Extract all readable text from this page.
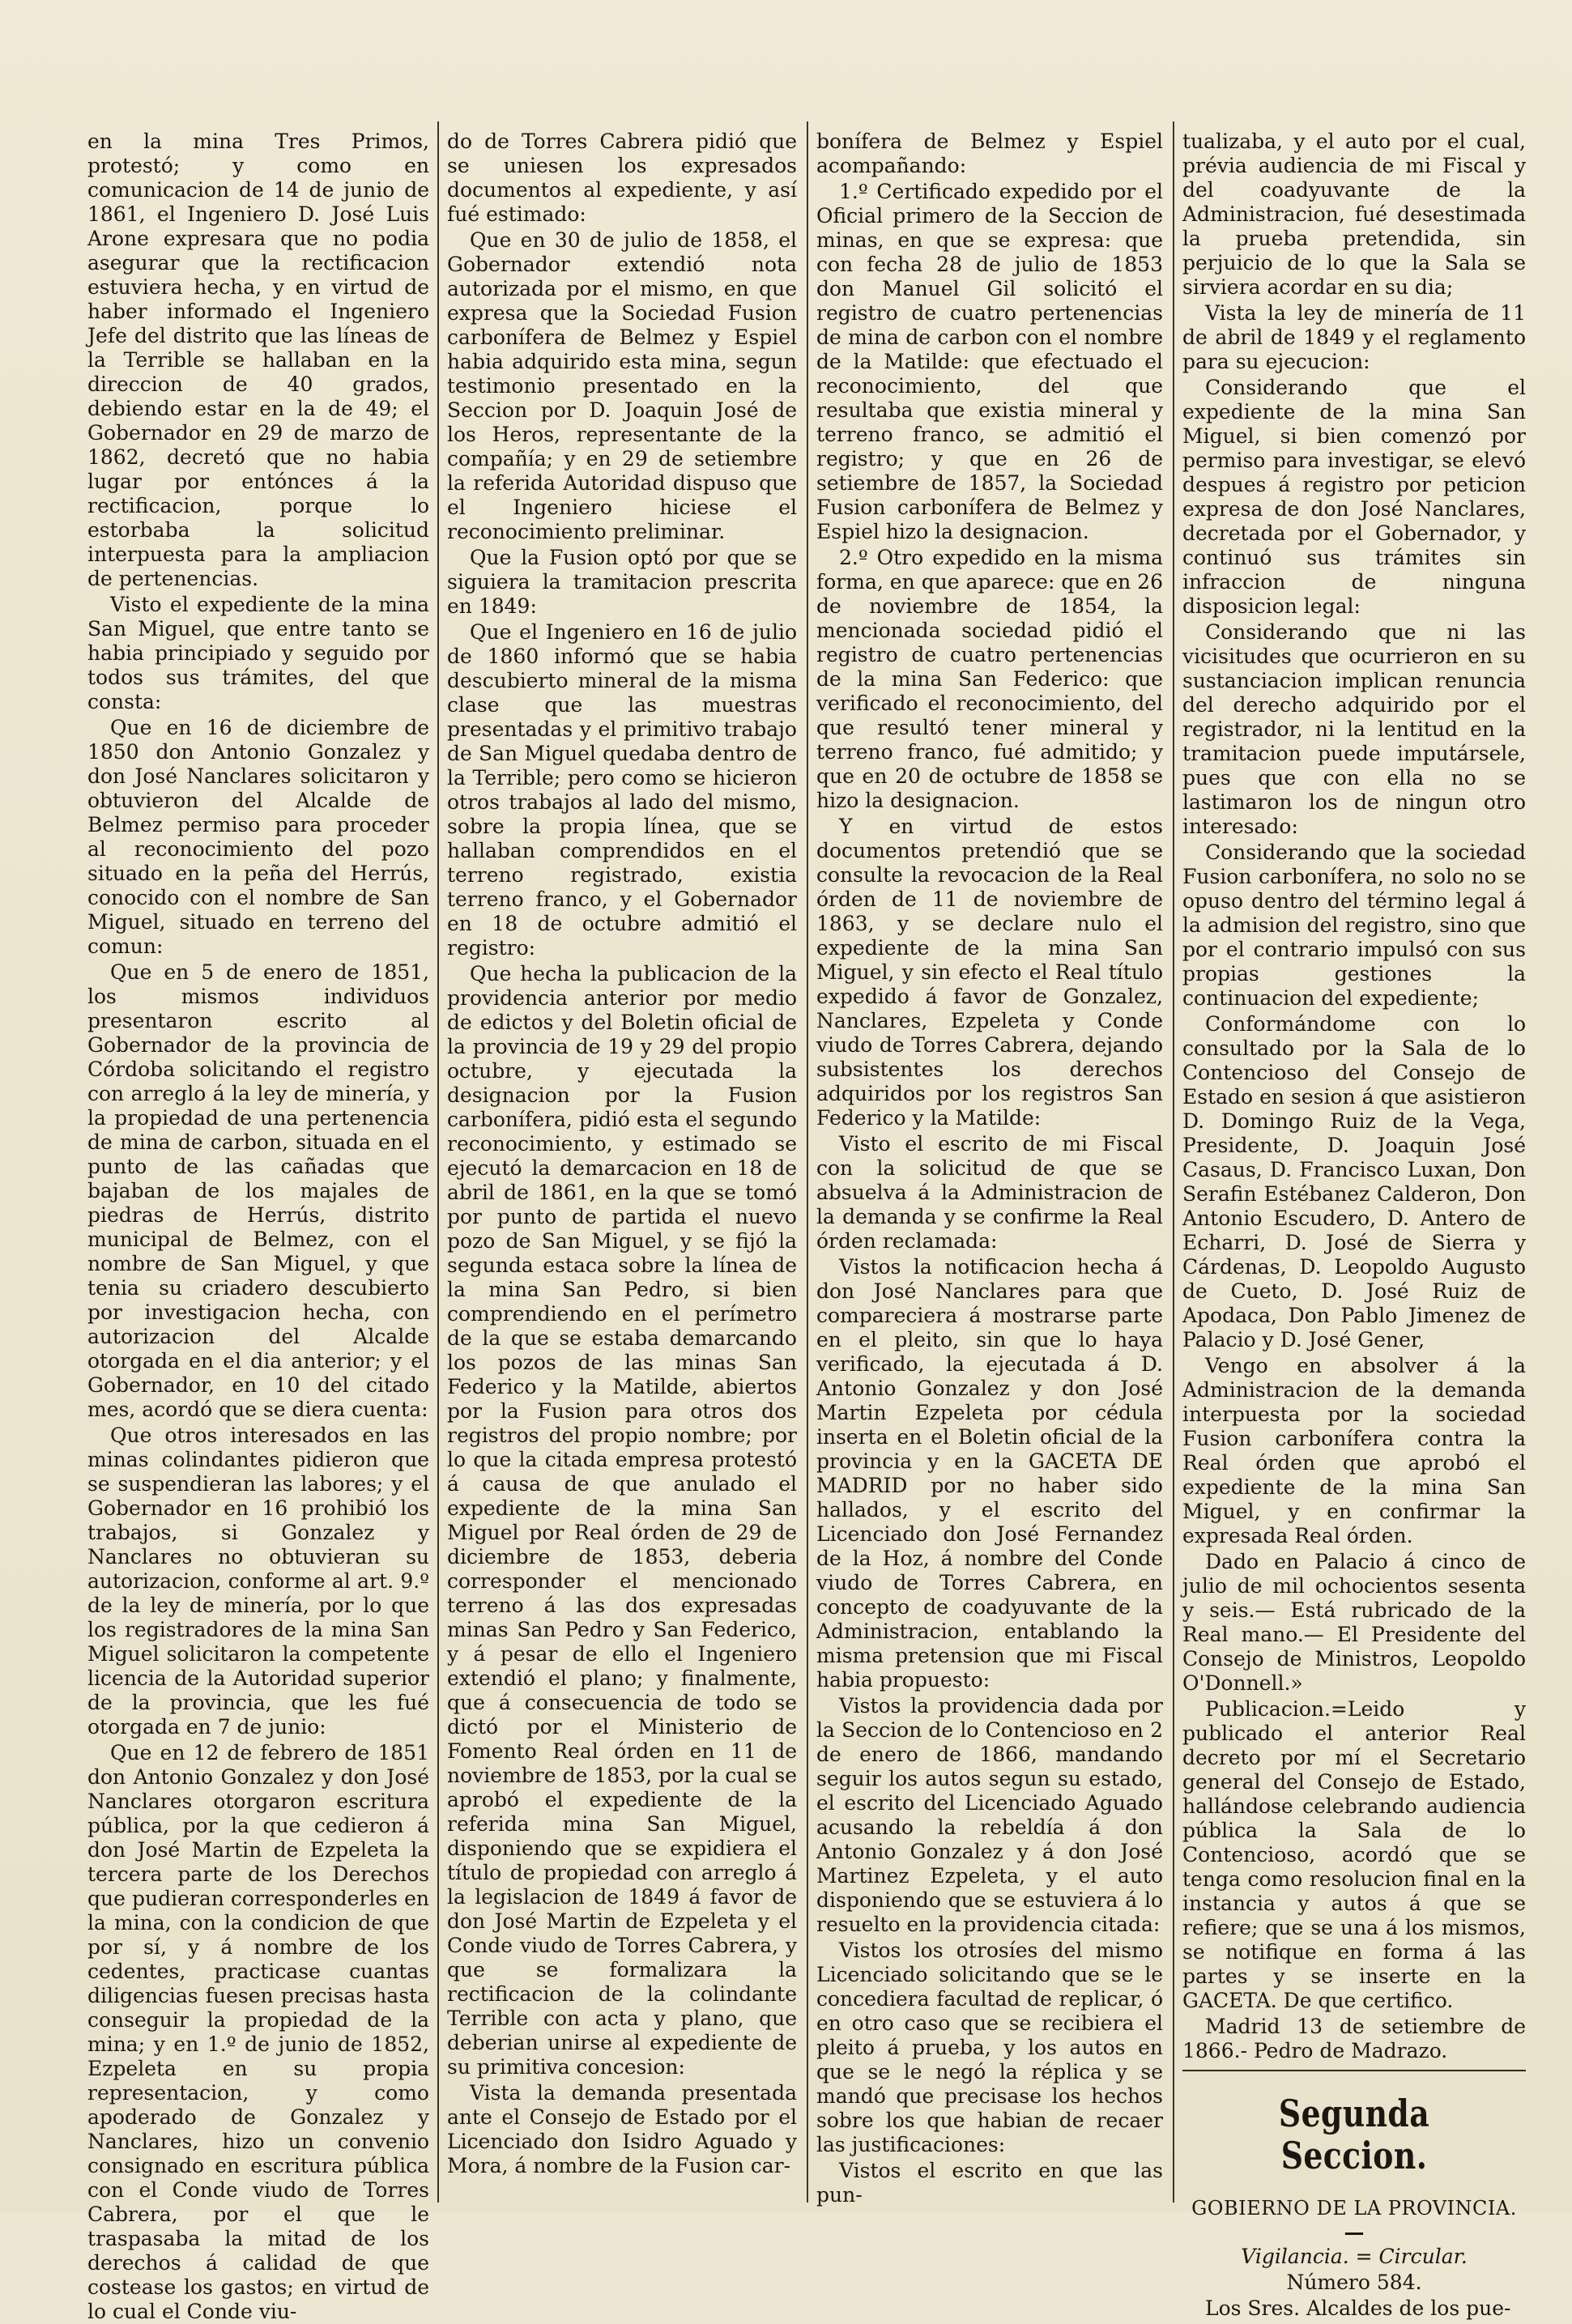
en la mina Tres Primos, protestó; y como en comunicacion de 14 de junio de 1861, el Ingeniero D. José Luis Arone expresara que no podia asegurar que la rectificacion estuviera hecha, y en virtud de haber informado el Ingeniero Jefe del distrito que las líneas de la Terrible se hallaban en la direccion de 40 grados, debiendo estar en la de 49; el Gobernador en 29 de marzo de 1862, decretó que no habia lugar por entónces á la rectificacion, porque lo estorbaba la solicitud interpuesta para la ampliacion de pertenencias.

Visto el expediente de la mina San Miguel, que entre tanto se habia principiado y seguido por todos sus trámites, del que consta:

Que en 16 de diciembre de 1850 don Antonio Gonzalez y don José Nanclares solicitaron y obtuvieron del Alcalde de Belmez permiso para proceder al reconocimiento del pozo situado en la peña del Herrús, conocido con el nombre de San Miguel, situado en terreno del comun:

Que en 5 de enero de 1851, los mismos individuos presentaron escrito al Gobernador de la provincia de Córdoba solicitando el registro con arreglo á la ley de minería, y la propiedad de una pertenencia de mina de carbon, situada en el punto de las cañadas que bajaban de los majales de piedras de Herrús, distrito municipal de Belmez, con el nombre de San Miguel, y que tenia su criadero descubierto por investigacion hecha, con autorizacion del Alcalde otorgada en el dia anterior; y el Gobernador, en 10 del citado mes, acordó que se diera cuenta:

Que otros interesados en las minas colindantes pidieron que se suspendieran las labores; y el Gobernador en 16 prohibió los trabajos, si Gonzalez y Nanclares no obtuvieran su autorizacion, conforme al art. 9.º de la ley de minería, por lo que los registradores de la mina San Miguel solicitaron la competente licencia de la Autoridad superior de la provincia, que les fué otorgada en 7 de junio:

Que en 12 de febrero de 1851 don Antonio Gonzalez y don José Nanclares otorgaron escritura pública, por la que cedieron á don José Martin de Ezpeleta la tercera parte de los Derechos que pudieran corresponderles en la mina, con la condicion de que por sí, y á nombre de los cedentes, practicase cuantas diligencias fuesen precisas hasta conseguir la propiedad de la mina; y en 1.º de junio de 1852, Ezpeleta en su propia representacion, y como apoderado de Gonzalez y Nanclares, hizo un convenio consignado en escritura pública con el Conde viudo de Torres Cabrera, por el que le traspasaba la mitad de los derechos á calidad de que costease los gastos; en virtud de lo cual el Conde viu-

do de Torres Cabrera pidió que se uniesen los expresados documentos al expediente, y así fué estimado:

Que en 30 de julio de 1858, el Gobernador extendió nota autorizada por el mismo, en que expresa que la Sociedad Fusion carbonífera de Belmez y Espiel habia adquirido esta mina, segun testimonio presentado en la Seccion por D. Joaquin José de los Heros, representante de la compañía; y en 29 de setiembre la referida Autoridad dispuso que el Ingeniero hiciese el reconocimiento preliminar.

Que la Fusion optó por que se siguiera la tramitacion prescrita en 1849:

Que el Ingeniero en 16 de julio de 1860 informó que se habia descubierto mineral de la misma clase que las muestras presentadas y el primitivo trabajo de San Miguel quedaba dentro de la Terrible; pero como se hicieron otros trabajos al lado del mismo, sobre la propia línea, que se hallaban comprendidos en el terreno registrado, existia terreno franco, y el Gobernador en 18 de octubre admitió el registro:

Que hecha la publicacion de la providencia anterior por medio de edictos y del Boletin oficial de la provincia de 19 y 29 del propio octubre, y ejecutada la designacion por la Fusion carbonífera, pidió esta el segundo reconocimiento, y estimado se ejecutó la demarcacion en 18 de abril de 1861, en la que se tomó por punto de partida el nuevo pozo de San Miguel, y se fijó la segunda estaca sobre la línea de la mina San Pedro, si bien comprendiendo en el perímetro de la que se estaba demarcando los pozos de las minas San Federico y la Matilde, abiertos por la Fusion para otros dos registros del propio nombre; por lo que la citada empresa protestó á causa de que anulado el expediente de la mina San Miguel por Real órden de 29 de diciembre de 1853, deberia corresponder el mencionado terreno á las dos expresadas minas San Pedro y San Federico, y á pesar de ello el Ingeniero extendió el plano; y finalmente, que á consecuencia de todo se dictó por el Ministerio de Fomento Real órden en 11 de noviembre de 1853, por la cual se aprobó el expediente de la referida mina San Miguel, disponiendo que se expidiera el título de propiedad con arreglo á la legislacion de 1849 á favor de don José Martin de Ezpeleta y el Conde viudo de Torres Cabrera, y que se formalizara la rectificacion de la colindante Terrible con acta y plano, que deberian unirse al expediente de su primitiva concesion:

Vista la demanda presentada ante el Consejo de Estado por el Licenciado don Isidro Aguado y Mora, á nombre de la Fusion car-

bonífera de Belmez y Espiel acompañando:

1.º Certificado expedido por el Oficial primero de la Seccion de minas, en que se expresa: que con fecha 28 de julio de 1853 don Manuel Gil solicitó el registro de cuatro pertenencias de mina de carbon con el nombre de la Matilde: que efectuado el reconocimiento, del que resultaba que existia mineral y terreno franco, se admitió el registro; y que en 26 de setiembre de 1857, la Sociedad Fusion carbonífera de Belmez y Espiel hizo la designacion.

2.º Otro expedido en la misma forma, en que aparece: que en 26 de noviembre de 1854, la mencionada sociedad pidió el registro de cuatro pertenencias de la mina San Federico: que verificado el reconocimiento, del que resultó tener mineral y terreno franco, fué admitido; y que en 20 de octubre de 1858 se hizo la designacion.

Y en virtud de estos documentos pretendió que se consulte la revocacion de la Real órden de 11 de noviembre de 1863, y se declare nulo el expediente de la mina San Miguel, y sin efecto el Real título expedido á favor de Gonzalez, Nanclares, Ezpeleta y Conde viudo de Torres Cabrera, dejando subsistentes los derechos adquiridos por los registros San Federico y la Matilde:

Visto el escrito de mi Fiscal con la solicitud de que se absuelva á la Administracion de la demanda y se confirme la Real órden reclamada:

Vistos la notificacion hecha á don José Nanclares para que compareciera á mostrarse parte en el pleito, sin que lo haya verificado, la ejecutada á D. Antonio Gonzalez y don José Martin Ezpeleta por cédula inserta en el Boletin oficial de la provincia y en la GACETA DE MADRID por no haber sido hallados, y el escrito del Licenciado don José Fernandez de la Hoz, á nombre del Conde viudo de Torres Cabrera, en concepto de coadyuvante de la Administracion, entablando la misma pretension que mi Fiscal habia propuesto:

Vistos la providencia dada por la Seccion de lo Contencioso en 2 de enero de 1866, mandando seguir los autos segun su estado, el escrito del Licenciado Aguado acusando la rebeldía á don Antonio Gonzalez y á don José Martinez Ezpeleta, y el auto disponiendo que se estuviera á lo resuelto en la providencia citada:

Vistos los otrosíes del mismo Licenciado solicitando que se le concediera facultad de replicar, ó en otro caso que se recibiera el pleito á prueba, y los autos en que se le negó la réplica y se mandó que precisase los hechos sobre los que habian de recaer las justificaciones:

Vistos el escrito en que las pun-

tualizaba, y el auto por el cual, prévia audiencia de mi Fiscal y del coadyuvante de la Administracion, fué desestimada la prueba pretendida, sin perjuicio de lo que la Sala se sirviera acordar en su dia;

Vista la ley de minería de 11 de abril de 1849 y el reglamento para su ejecucion:

Considerando que el expediente de la mina San Miguel, si bien comenzó por permiso para investigar, se elevó despues á registro por peticion expresa de don José Nanclares, decretada por el Gobernador, y continuó sus trámites sin infraccion de ninguna disposicion legal:

Considerando que ni las vicisitudes que ocurrieron en su sustanciacion implican renuncia del derecho adquirido por el registrador, ni la lentitud en la tramitacion puede imputársele, pues que con ella no se lastimaron los de ningun otro interesado:

Considerando que la sociedad Fusion carbonífera, no solo no se opuso dentro del término legal á la admision del registro, sino que por el contrario impulsó con sus propias gestiones la continuacion del expediente;

Conformándome con lo consultado por la Sala de lo Contencioso del Consejo de Estado en sesion á que asistieron D. Domingo Ruiz de la Vega, Presidente, D. Joaquin José Casaus, D. Francisco Luxan, Don Serafin Estébanez Calderon, Don Antonio Escudero, D. Antero de Echarri, D. José de Sierra y Cárdenas, D. Leopoldo Augusto de Cueto, D. José Ruiz de Apodaca, Don Pablo Jimenez de Palacio y D. José Gener,

Vengo en absolver á la Administracion de la demanda interpuesta por la sociedad Fusion carbonífera contra la Real órden que aprobó el expediente de la mina San Miguel, y en confirmar la expresada Real órden.

Dado en Palacio á cinco de julio de mil ochocientos sesenta y seis.— Está rubricado de la Real mano.— El Presidente del Consejo de Ministros, Leopoldo O'Donnell.»

Publicacion.=Leido y publicado el anterior Real decreto por mí el Secretario general del Consejo de Estado, hallándose celebrando audiencia pública la Sala de lo Contencioso, acordó que se tenga como resolucion final en la instancia y autos á que se refiere; que se una á los mismos, se notifique en forma á las partes y se inserte en la GACETA. De que certifico.

Madrid 13 de setiembre de 1866.- Pedro de Madrazo.

Segunda Seccion.
GOBIERNO DE LA PROVINCIA.
—

Vigilancia. = Circular.

Número 584.

Los Sres. Alcaldes de los pue-
